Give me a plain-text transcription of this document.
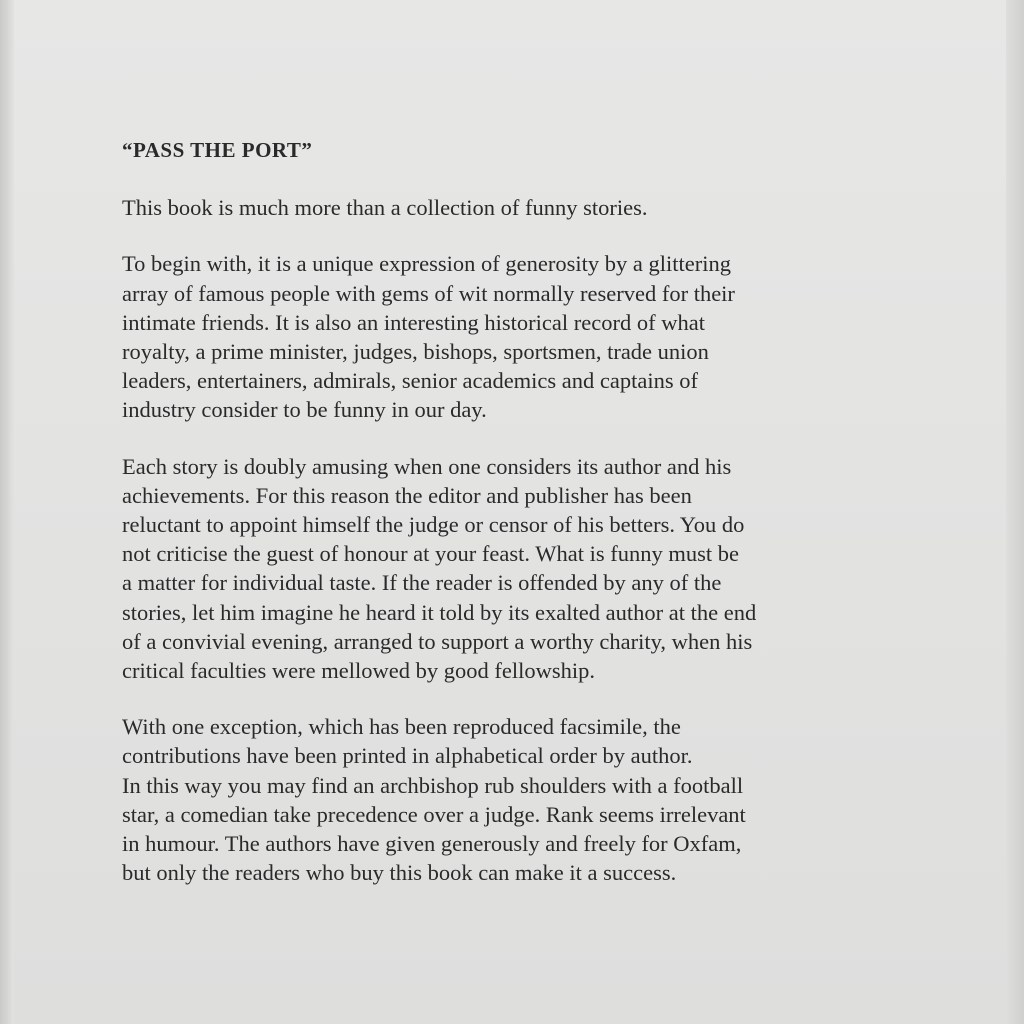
“PASS THE PORT”
This book is much more than a collection of funny stories.
To begin with, it is a unique expression of generosity by a glittering
array of famous people with gems of wit normally reserved for their
intimate friends. It is also an interesting historical record of what
royalty, a prime minister, judges, bishops, sportsmen, trade union
leaders, entertainers, admirals, senior academics and captains of
industry consider to be funny in our day.
Each story is doubly amusing when one considers its author and his
achievements. For this reason the editor and publisher has been
reluctant to appoint himself the judge or censor of his betters. You do
not criticise the guest of honour at your feast. What is funny must be
a matter for individual taste. If the reader is offended by any of the
stories, let him imagine he heard it told by its exalted author at the end
of a convivial evening, arranged to support a worthy charity, when his
critical faculties were mellowed by good fellowship.
With one exception, which has been reproduced facsimile, the
contributions have been printed in alphabetical order by author.
In this way you may find an archbishop rub shoulders with a football
star, a comedian take precedence over a judge. Rank seems irrelevant
in humour. The authors have given generously and freely for Oxfam,
but only the readers who buy this book can make it a success.
